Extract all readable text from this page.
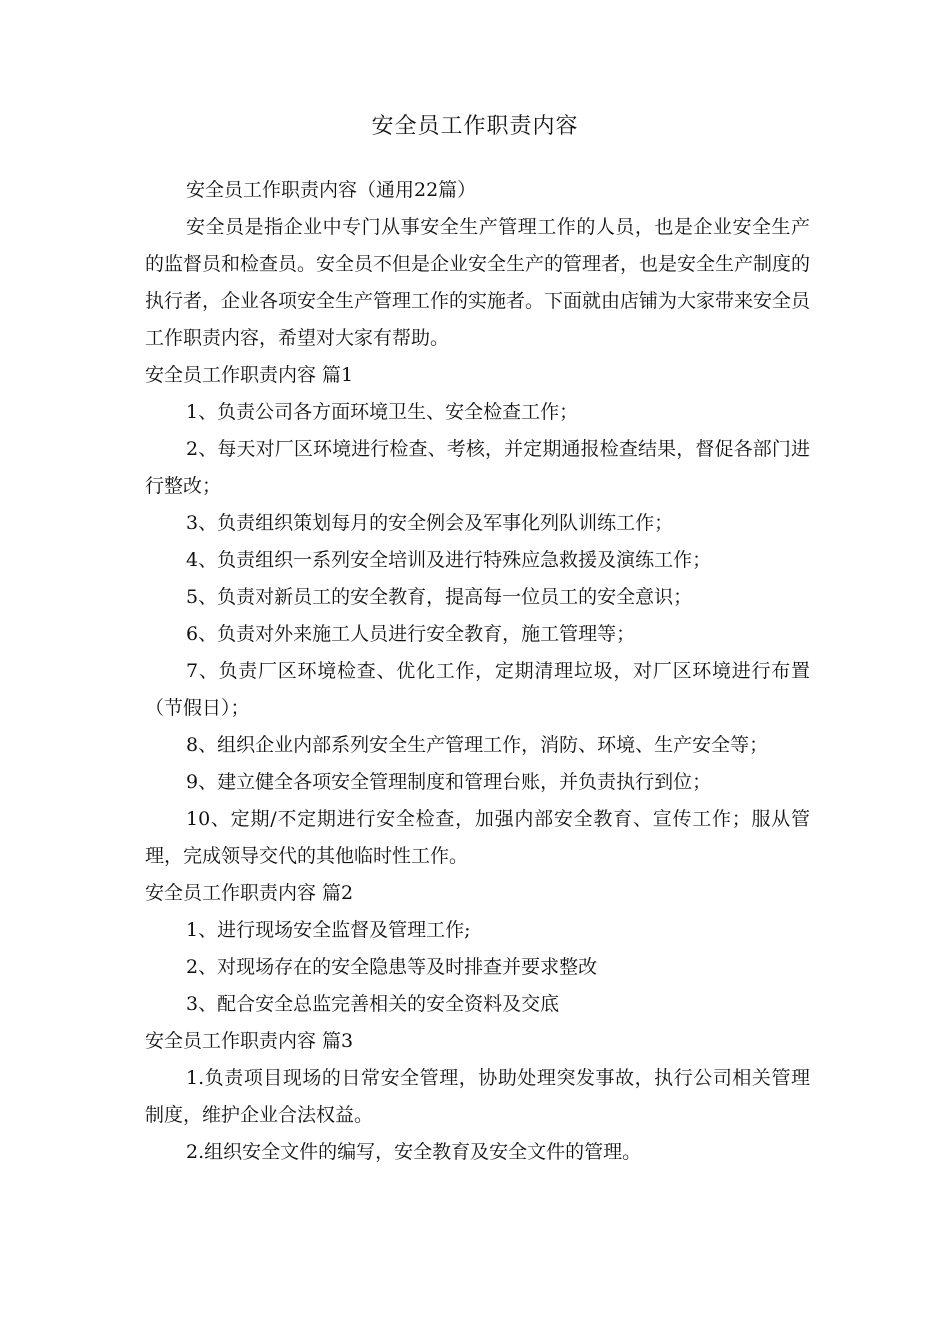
安全员工作职责内容

安全员工作职责内容（通用22篇）

安全员是指企业中专门从事安全生产管理工作的人员，也是企业安全生产的监督员和检查员。安全员不但是企业安全生产的管理者，也是安全生产制度的执行者，企业各项安全生产管理工作的实施者。下面就由店铺为大家带来安全员工作职责内容，希望对大家有帮助。

安全员工作职责内容 篇1

1、负责公司各方面环境卫生、安全检查工作；

2、每天对厂区环境进行检查、考核，并定期通报检查结果，督促各部门进行整改；

3、负责组织策划每月的安全例会及军事化列队训练工作；

4、负责组织一系列安全培训及进行特殊应急救援及演练工作；

5、负责对新员工的安全教育，提高每一位员工的安全意识；

6、负责对外来施工人员进行安全教育，施工管理等；

7、负责厂区环境检查、优化工作，定期清理垃圾，对厂区环境进行布置（节假日）；

8、组织企业内部系列安全生产管理工作，消防、环境、生产安全等；

9、建立健全各项安全管理制度和管理台账，并负责执行到位；

10、定期/不定期进行安全检查，加强内部安全教育、宣传工作；服从管理，完成领导交代的其他临时性工作。

安全员工作职责内容 篇2

1、进行现场安全监督及管理工作;

2、对现场存在的安全隐患等及时排查并要求整改

3、配合安全总监完善相关的安全资料及交底

安全员工作职责内容 篇3

1.负责项目现场的日常安全管理，协助处理突发事故，执行公司相关管理制度，维护企业合法权益。

2.组织安全文件的编写，安全教育及安全文件的管理。
